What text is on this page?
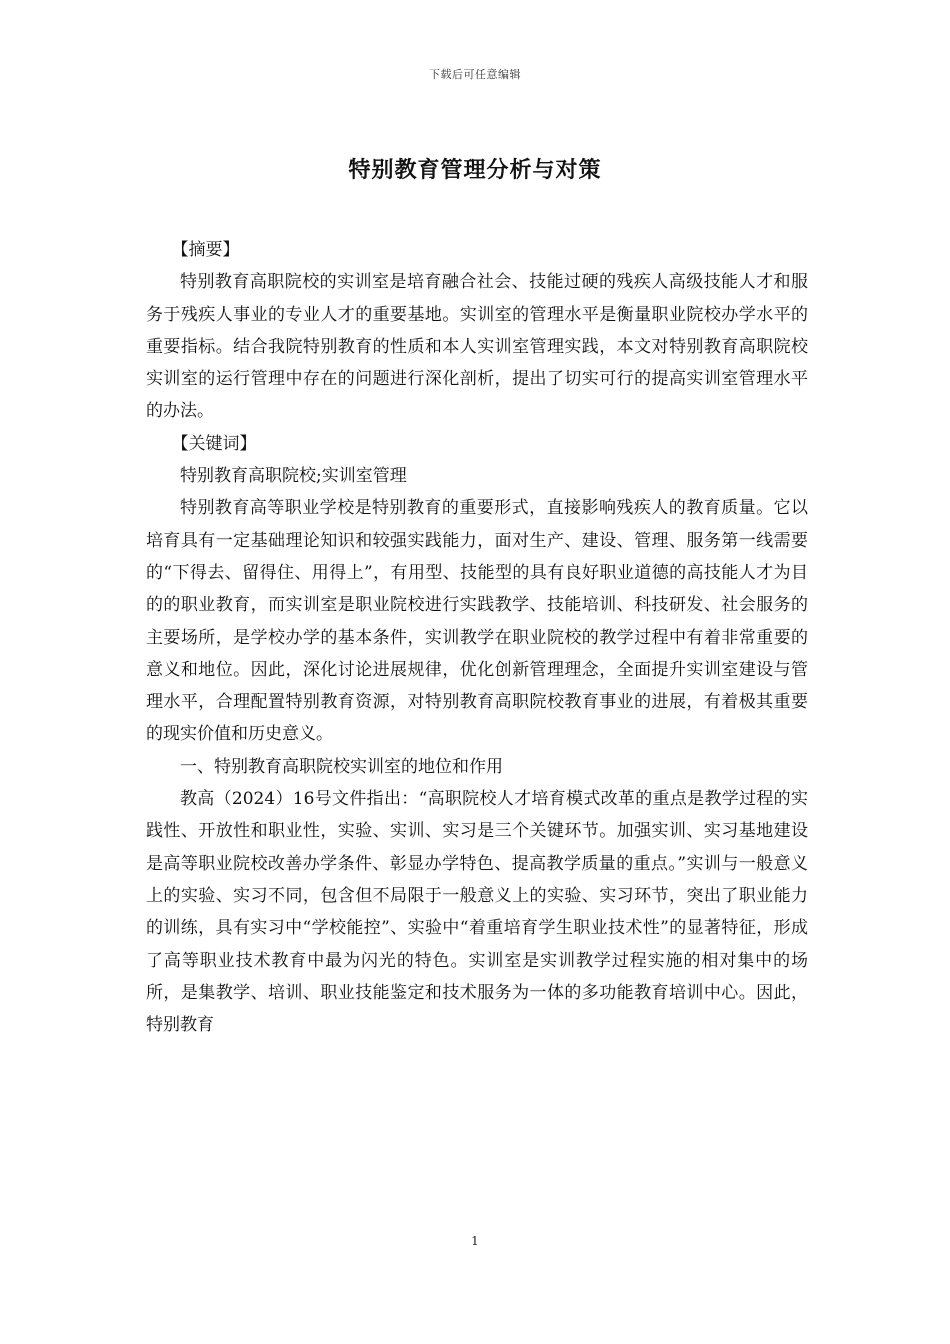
下载后可任意编辑
特别教育管理分析与对策

【摘要】

特别教育高职院校的实训室是培育融合社会、技能过硬的残疾人高级技能人才和服务于残疾人事业的专业人才的重要基地。实训室的管理水平是衡量职业院校办学水平的重要指标。结合我院特别教育的性质和本人实训室管理实践，本文对特别教育高职院校实训室的运行管理中存在的问题进行深化剖析，提出了切实可行的提高实训室管理水平的办法。

【关键词】

特别教育高职院校;实训室管理

特别教育高等职业学校是特别教育的重要形式，直接影响残疾人的教育质量。它以培育具有一定基础理论知识和较强实践能力，面对生产、建设、管理、服务第一线需要的“下得去、留得住、用得上”，有用型、技能型的具有良好职业道德的高技能人才为目的的职业教育，而实训室是职业院校进行实践教学、技能培训、科技研发、社会服务的主要场所，是学校办学的基本条件，实训教学在职业院校的教学过程中有着非常重要的意义和地位。因此，深化讨论进展规律，优化创新管理理念，全面提升实训室建设与管理水平，合理配置特别教育资源，对特别教育高职院校教育事业的进展，有着极其重要的现实价值和历史意义。

一、特别教育高职院校实训室的地位和作用

教高（2024）16号文件指出：“高职院校人才培育模式改革的重点是教学过程的实践性、开放性和职业性，实验、实训、实习是三个关键环节。加强实训、实习基地建设是高等职业院校改善办学条件、彰显办学特色、提高教学质量的重点。”实训与一般意义上的实验、实习不同，包含但不局限于一般意义上的实验、实习环节，突出了职业能力的训练，具有实习中“学校能控”、实验中“着重培育学生职业技术性”的显著特征，形成了高等职业技术教育中最为闪光的特色。实训室是实训教学过程实施的相对集中的场所，是集教学、培训、职业技能鉴定和技术服务为一体的多功能教育培训中心。因此，特别教育

1
